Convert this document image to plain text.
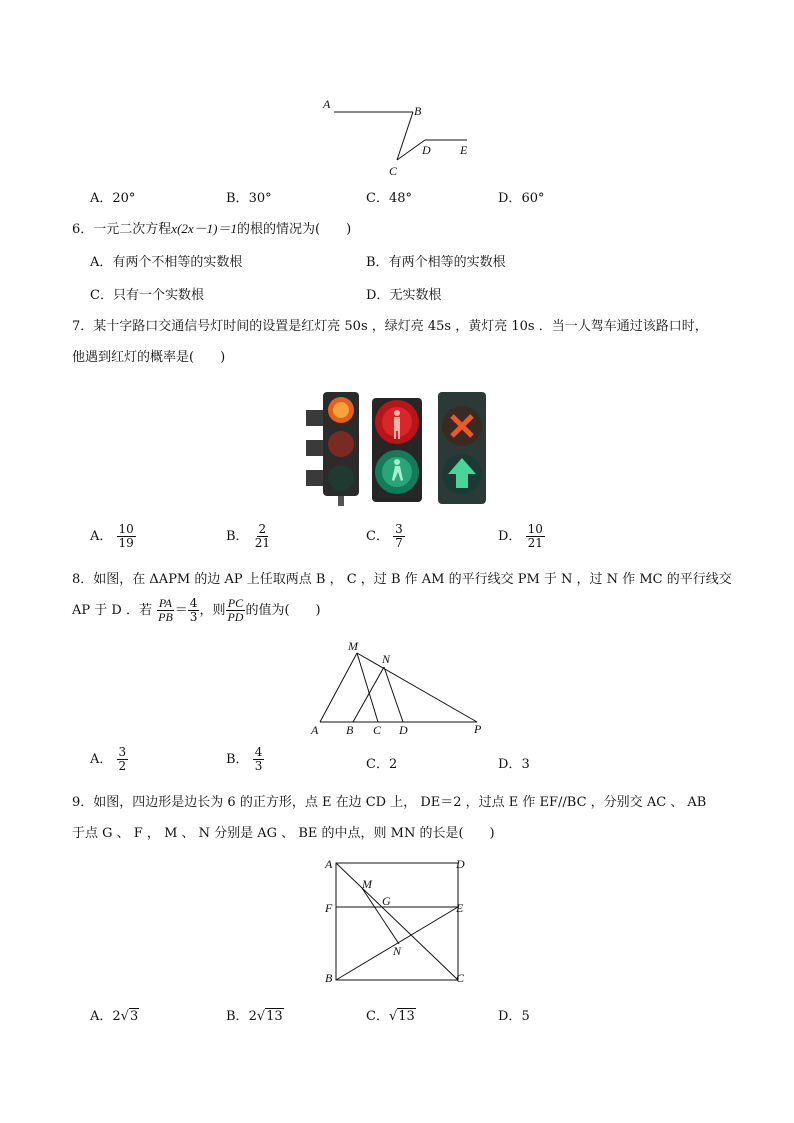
A	B
C
D E
A．20°	B．30°	C．48°	D．60°
6．一元二次方程x(2x－1)＝1的根的情况为(　　)
A．有两个不相等的实数根	B．有两个相等的实数根
C．只有一个实数根	D．无实数根
7．某十字路口交通信号灯时间的设置是红灯亮 50s ，绿灯亮 45s ，黄灯亮 10s ．当一人驾车通过该路口时，
他遇到红灯的概率是(　　)
A． $\frac{10}{19}$	B． $\frac{2}{21}$	C． $\frac{3}{7}$	D． $\frac{10}{21}$
8．如图，在 ΔAPM 的边 AP 上任取两点 B ， C ，过 B 作 AM 的平行线交 PM 于 N ，过 N 作 MC 的平行线交
AP 于 D ．若 $\frac{PA}{PB} = \frac{4}{3}$ ，则 $\frac{PC}{PD}$ 的值为(　　)
M
N
A B C D	P
A． $\frac{3}{2}$	B． $\frac{4}{3}$	C．2	D．3
9．如图，四边形是边长为 6 的正方形，点 E 在边 CD 上， DE＝2 ，过点 E 作 EF//BC ，分别交 AC 、 AB
于点 G 、 F ， M 、 N 分别是 AG 、 BE 的中点，则 MN 的长是(　　)
A	D
M
G
F	E
N
B	C
A．2√3	B．2√13	C．√13	D．5
